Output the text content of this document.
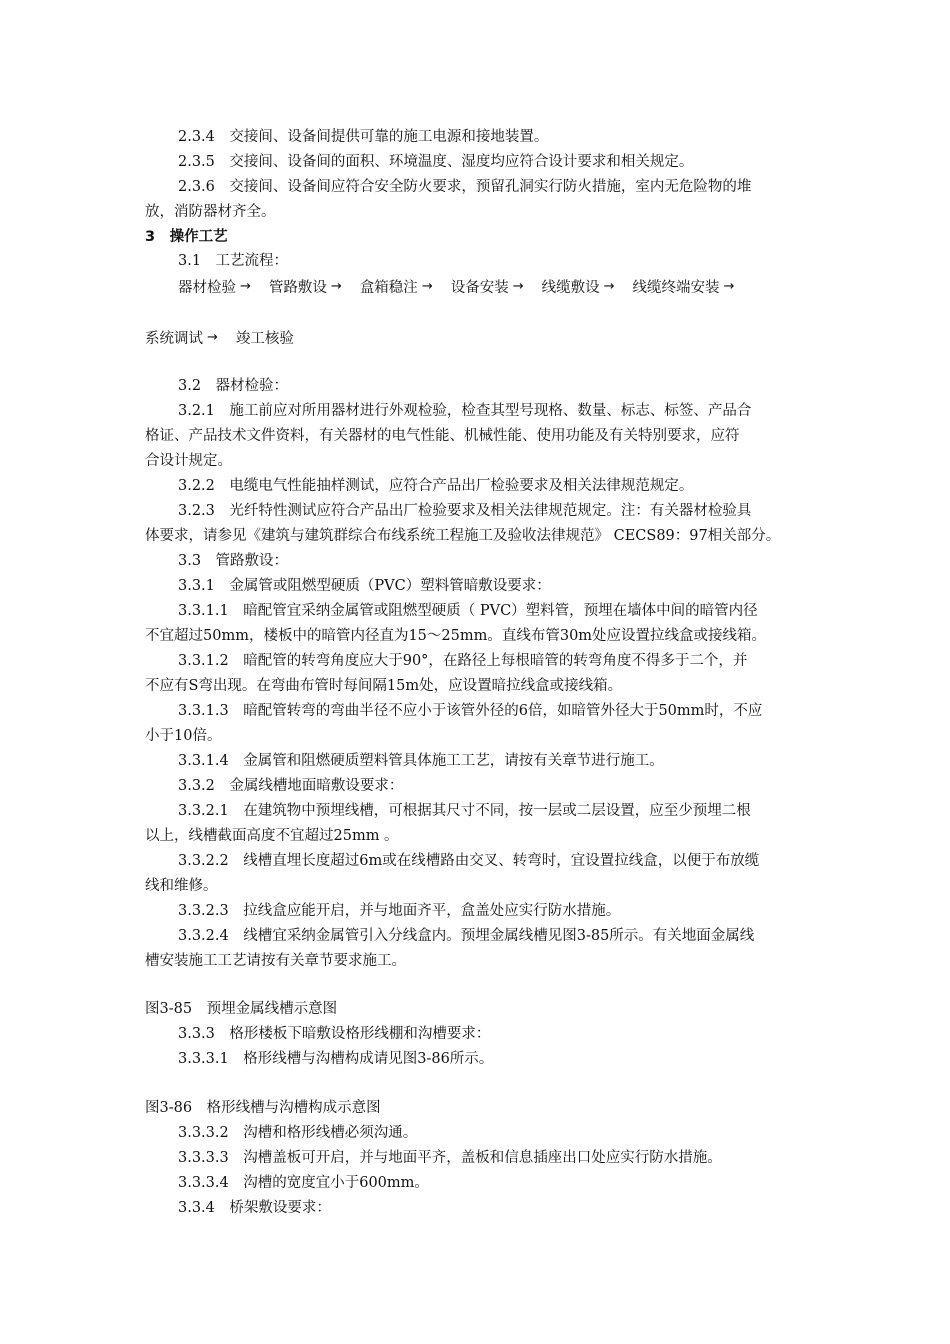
2.3.4　交接间、设备间提供可靠的施工电源和接地装置。
2.3.5　交接间、设备间的面积、环境温度、湿度均应符合设计要求和相关规定。
2.3.6　交接间、设备间应符合安全防火要求，预留孔洞实行防火措施，室内无危险物的堆
放，消防器材齐全。
3　操作工艺
3.1　工艺流程：
器材检验 → 管路敷设 → 盒箱稳注 → 设备安装 → 线缆敷设 → 线缆终端安装 →
系统调试 → 竣工核验
3.2　器材检验：
3.2.1　施工前应对所用器材进行外观检验，检查其型号现格、数量、标志、标签、产品合
格证、产品技术文件资料，有关器材的电气性能、机械性能、使用功能及有关特别要求，应符
合设计规定。
3.2.2　电缆电气性能抽样测试，应符合产品出厂检验要求及相关法律规范规定。
3.2.3　光纤特性测试应符合产品出厂检验要求及相关法律规范规定。注：有关器材检验具
体要求，请参见《建筑与建筑群综合布线系统工程施工及验收法律规范》 CECS89：97相关部分。
3.3　管路敷设：
3.3.1　金属管或阻燃型硬质（PVC）塑料管暗敷设要求：
3.3.1.1　暗配管宜采纳金属管或阻燃型硬质（ PVC）塑料管，预埋在墙体中间的暗管内径
不宜超过50mm，楼板中的暗管内径直为15～25mm。直线布管30m处应设置拉线盒或接线箱。
3.3.1.2　暗配管的转弯角度应大于90°，在路径上每根暗管的转弯角度不得多于二个，并
不应有S弯出现。在弯曲布管时每间隔15m处，应设置暗拉线盒或接线箱。
3.3.1.3　暗配管转弯的弯曲半径不应小于该管外径的6倍，如暗管外径大于50mm时，不应
小于10倍。
3.3.1.4　金属管和阻燃硬质塑料管具体施工工艺，请按有关章节进行施工。
3.3.2　金属线槽地面暗敷设要求：
3.3.2.1　在建筑物中预埋线槽，可根据其尺寸不同，按一层或二层设置，应至少预埋二根
以上，线槽截面高度不宜超过25mm 。
3.3.2.2　线槽直埋长度超过6m或在线槽路由交叉、转弯时，宜设置拉线盒，以便于布放缆
线和维修。
3.3.2.3　拉线盒应能开启，并与地面齐平，盒盖处应实行防水措施。
3.3.2.4　线槽宜采纳金属管引入分线盒内。预埋金属线槽见图3-85所示。有关地面金属线
槽安装施工工艺请按有关章节要求施工。
图3-85　预埋金属线槽示意图
3.3.3　格形楼板下暗敷设格形线棚和沟槽要求：
3.3.3.1　格形线槽与沟槽构成请见图3-86所示。
图3-86　格形线槽与沟槽构成示意图
3.3.3.2　沟槽和格形线槽必须沟通。
3.3.3.3　沟槽盖板可开启，并与地面平齐，盖板和信息插座出口处应实行防水措施。
3.3.3.4　沟槽的宽度宜小于600mm。
3.3.4　桥架敷设要求：
